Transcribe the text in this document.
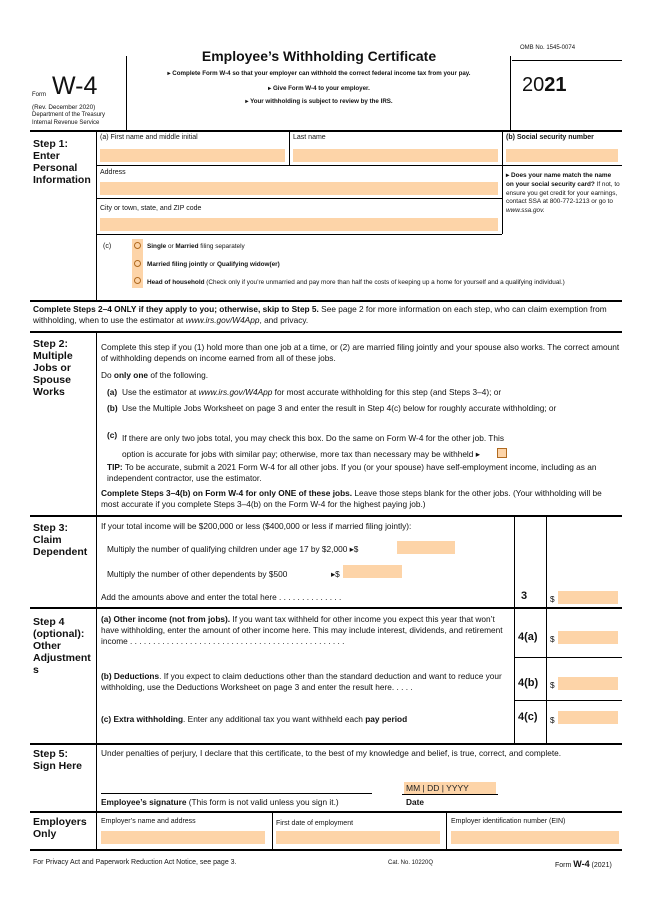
Form W-4
(Rev. December 2020)
Department of the Treasury
Internal Revenue Service
Employee’s Withholding Certificate
▸ Complete Form W-4 so that your employer can withhold the correct federal income tax from your pay.
▸ Give Form W-4 to your employer.
▸ Your withholding is subject to review by the IRS.
OMB No. 1545-0074
2021
Step 1:
Enter
Personal
Information
(a) First name and middle initial	Last name	(b) Social security number
Address
City or town, state, and ZIP code
▸ Does your name match the name on your social security card? If not, to ensure you get credit for your earnings, contact SSA at 800-772-1213 or go to www.ssa.gov.
(c)	Single or Married filing separately
Married filing jointly or Qualifying widow(er)
Head of household (Check only if you’re unmarried and pay more than half the costs of keeping up a home for yourself and a qualifying individual.)
Complete Steps 2–4 ONLY if they apply to you; otherwise, skip to Step 5. See page 2 for more information on each step, who can claim exemption from withholding, when to use the estimator at www.irs.gov/W4App, and privacy.
Step 2:
Multiple
Jobs or
Spouse
Works
Complete this step if you (1) hold more than one job at a time, or (2) are married filing jointly and your spouse also works. The correct amount of withholding depends on income earned from all of these jobs.
Do only one of the following.
(a) Use the estimator at www.irs.gov/W4App for most accurate withholding for this step (and Steps 3–4); or
(b) Use the Multiple Jobs Worksheet on page 3 and enter the result in Step 4(c) below for roughly accurate withholding; or
(c) If there are only two jobs total, you may check this box. Do the same on Form W-4 for the other job. This option is accurate for jobs with similar pay; otherwise, more tax than necessary may be withheld ▸
TIP: To be accurate, submit a 2021 Form W-4 for all other jobs. If you (or your spouse) have self-employment income, including as an independent contractor, use the estimator.
Complete Steps 3–4(b) on Form W-4 for only ONE of these jobs. Leave those steps blank for the other jobs. (Your withholding will be most accurate if you complete Steps 3–4(b) on the Form W-4 for the highest paying job.)
Step 3:
Claim
Dependent
If your total income will be $200,000 or less ($400,000 or less if married filing jointly):
Multiply the number of qualifying children under age 17 by $2,000 ▸$
Multiply the number of other dependents by $500	▸$
Add the amounts above and enter the total here . . . . . . . . . . . . . .	3	$
Step 4
(optional):
Other
Adjustment
s
(a) Other income (not from jobs). If you want tax withheld for other income you expect this year that won’t have withholding, enter the amount of other income here. This may include interest, dividends, and retirement income . . . . . . . . . . . . . . . . . . . . . . . . . . . . . . . . . . . . . . . . . . . . . . .	4(a) $
(b) Deductions. If you expect to claim deductions other than the standard deduction and want to reduce your withholding, use the Deductions Worksheet on page 3 and enter the result here. . . . .	4(b) $
(c) Extra withholding. Enter any additional tax you want withheld each pay period	4(c) $
Step 5:
Sign Here
Under penalties of perjury, I declare that this certificate, to the best of my knowledge and belief, is true, correct, and complete.
Employee’s signature (This form is not valid unless you sign it.)
MM | DD | YYYY
Date
Employers
Only
Employer’s name and address	First date of employment	Employer identification number (EIN)
For Privacy Act and Paperwork Reduction Act Notice, see page 3.	Cat. No. 10220Q	Form W-4 (2021)
